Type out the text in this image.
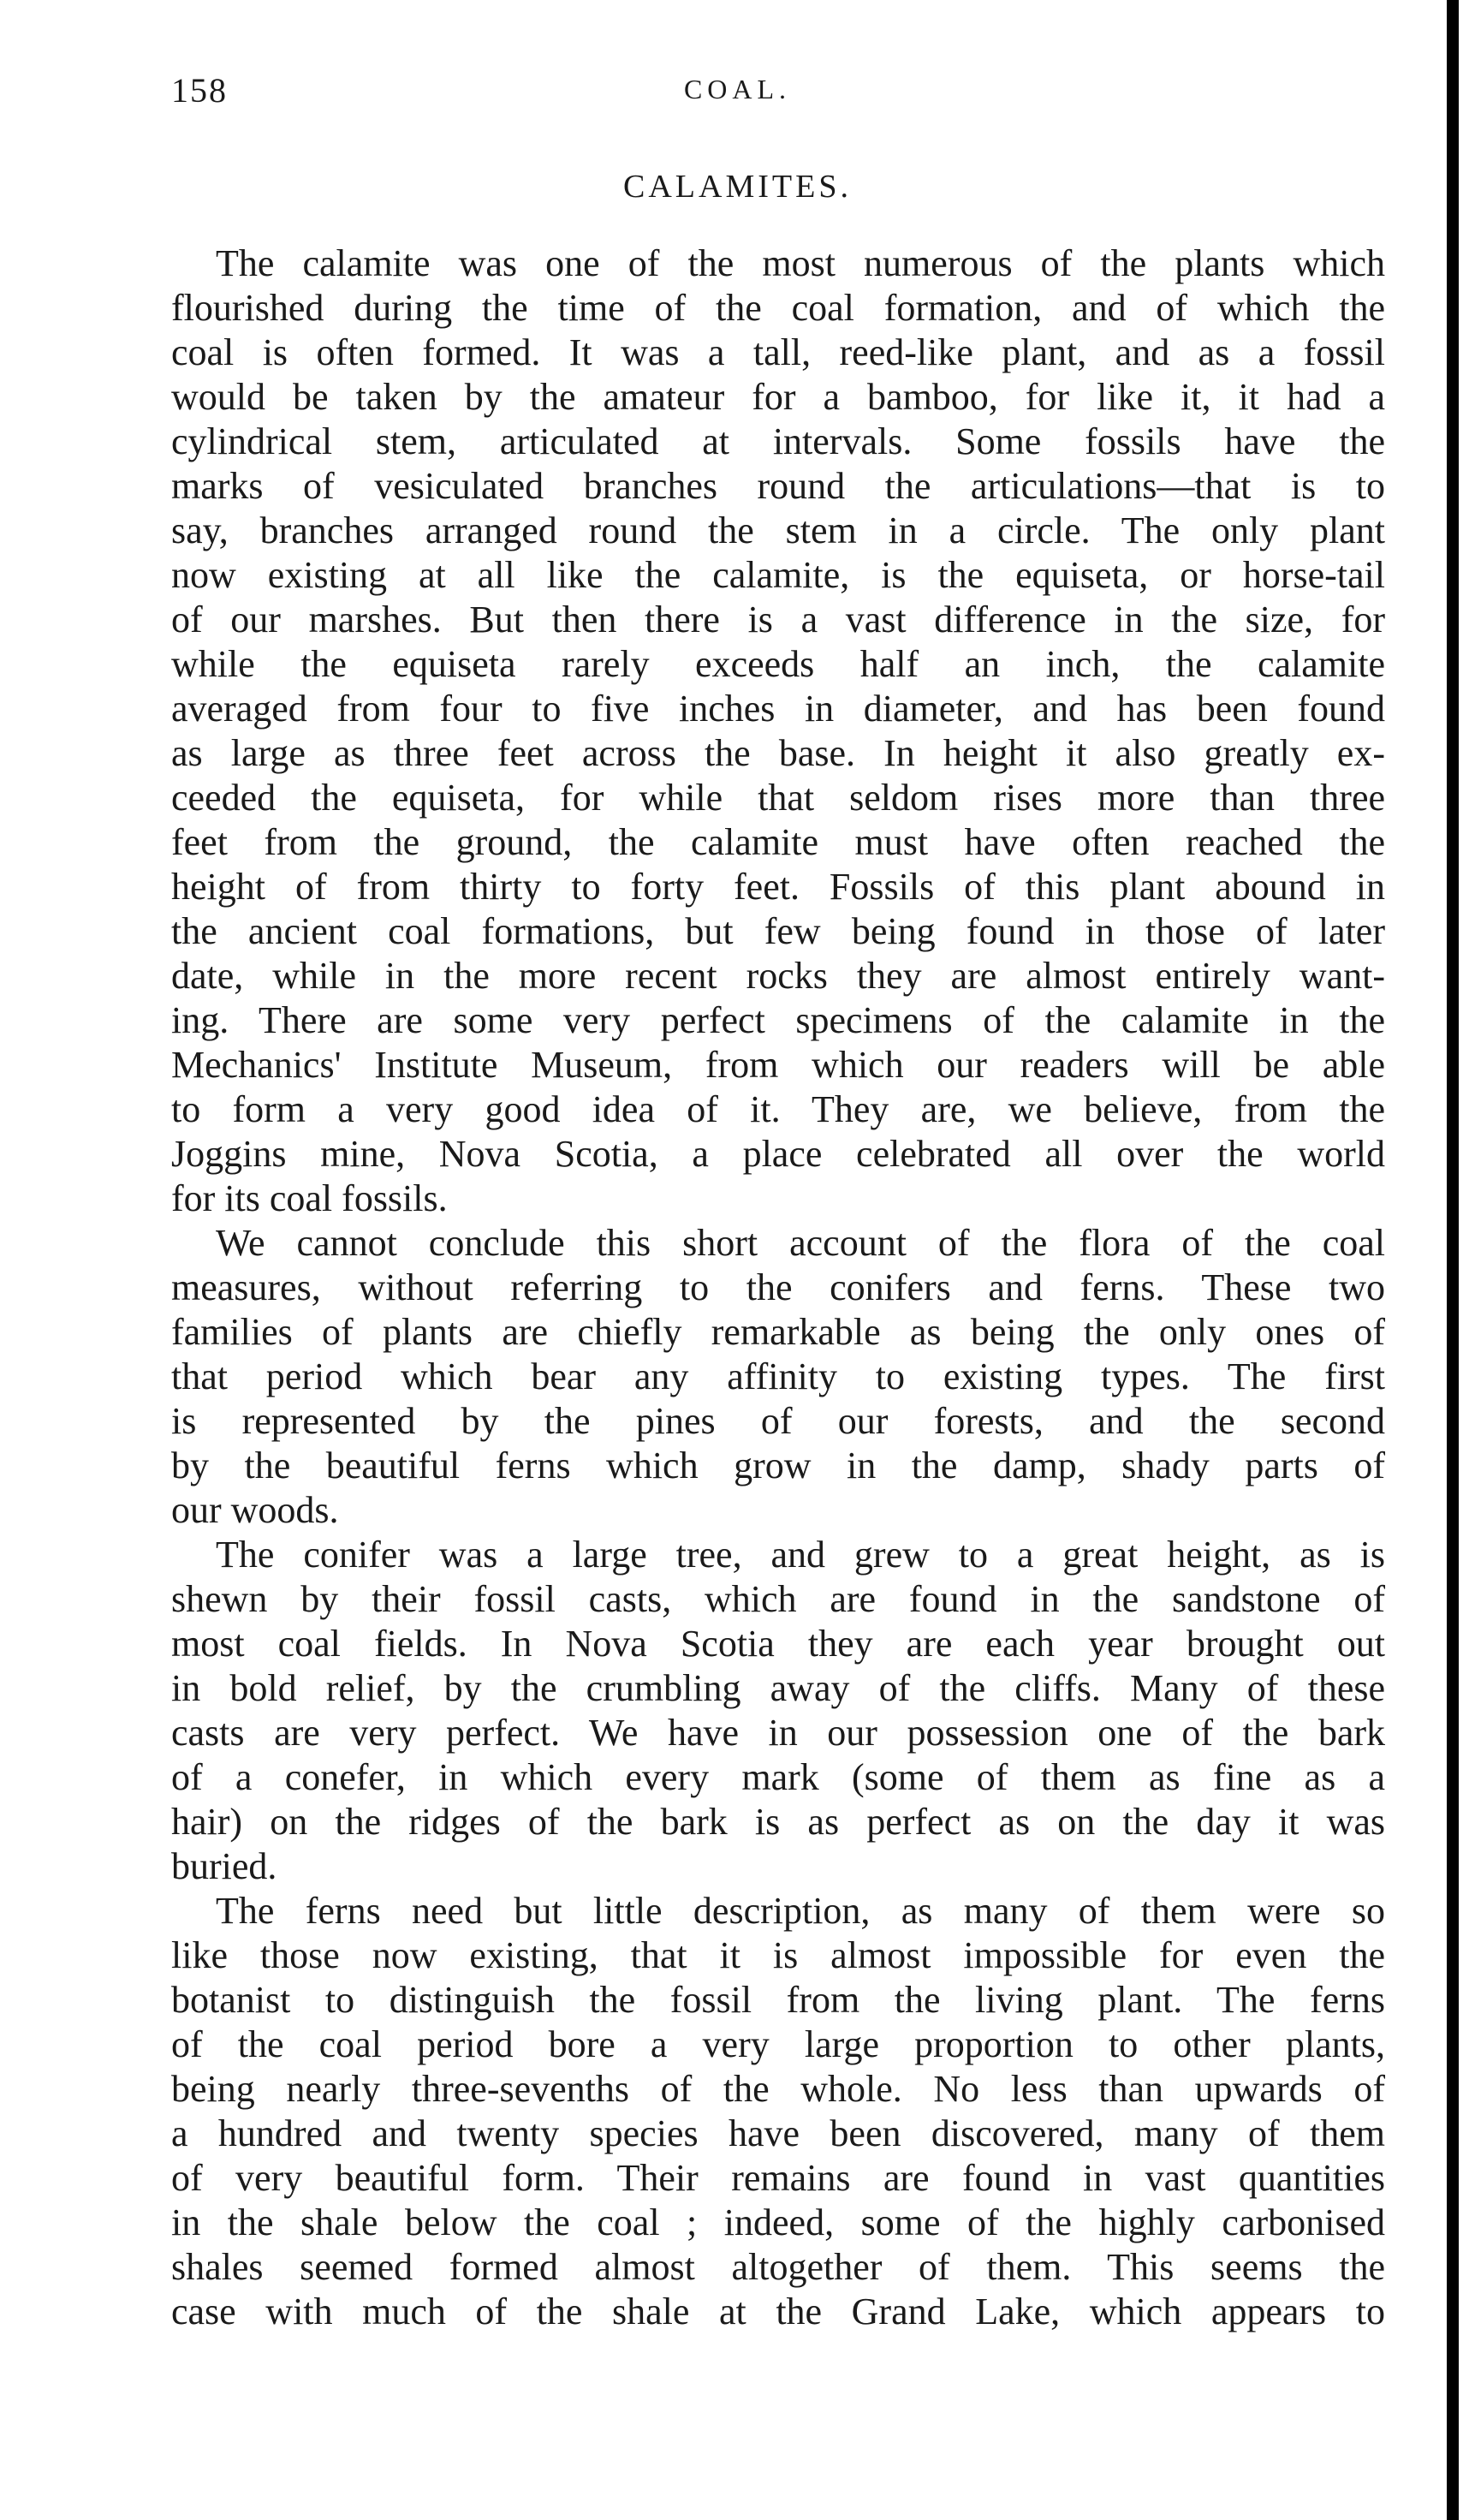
158	COAL.
CALAMITES.
The calamite was one of the most numerous of the plants which
flourished during the time of the coal formation, and of which the
coal is often formed. It was a tall, reed-like plant, and as a fossil
would be taken by the amateur for a bamboo, for like it, it had a
cylindrical stem, articulated at intervals. Some fossils have the
marks of vesiculated branches round the articulations—that is to
say, branches arranged round the stem in a circle. The only plant
now existing at all like the calamite, is the equiseta, or horse-tail
of our marshes. But then there is a vast difference in the size, for
while the equiseta rarely exceeds half an inch, the calamite
averaged from four to five inches in diameter, and has been found
as large as three feet across the base. In height it also greatly ex-
ceeded the equiseta, for while that seldom rises more than three
feet from the ground, the calamite must have often reached the
height of from thirty to forty feet. Fossils of this plant abound in
the ancient coal formations, but few being found in those of later
date, while in the more recent rocks they are almost entirely want-
ing. There are some very perfect specimens of the calamite in the
Mechanics' Institute Museum, from which our readers will be able
to form a very good idea of it. They are, we believe, from the
Joggins mine, Nova Scotia, a place celebrated all over the world
for its coal fossils.
We cannot conclude this short account of the flora of the coal
measures, without referring to the conifers and ferns. These two
families of plants are chiefly remarkable as being the only ones of
that period which bear any affinity to existing types. The first
is represented by the pines of our forests, and the second
by the beautiful ferns which grow in the damp, shady parts of
our woods.
The conifer was a large tree, and grew to a great height, as is
shewn by their fossil casts, which are found in the sandstone of
most coal fields. In Nova Scotia they are each year brought out
in bold relief, by the crumbling away of the cliffs. Many of these
casts are very perfect. We have in our possession one of the bark
of a conefer, in which every mark (some of them as fine as a
hair) on the ridges of the bark is as perfect as on the day it was
buried.
The ferns need but little description, as many of them were so
like those now existing, that it is almost impossible for even the
botanist to distinguish the fossil from the living plant. The ferns
of the coal period bore a very large proportion to other plants,
being nearly three-sevenths of the whole. No less than upwards of
a hundred and twenty species have been discovered, many of them
of very beautiful form. Their remains are found in vast quantities
in the shale below the coal ; indeed, some of the highly carbonised
shales seemed formed almost altogether of them. This seems the
case with much of the shale at the Grand Lake, which appears to
